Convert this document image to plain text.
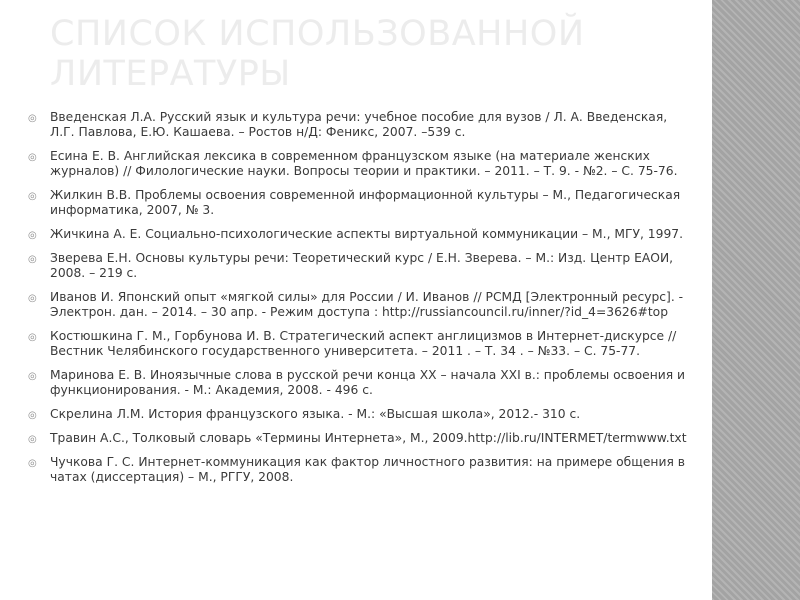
СПИСОК ИСПОЛЬЗОВАННОЙ ЛИТЕРАТУРЫ
◎ Введенская Л.А. Русский язык и культура речи: учебное пособие для вузов / Л. А. Введенская, Л.Г. Павлова, Е.Ю. Кашаева. – Ростов н/Д: Феникс, 2007. –539 с.
◎ Есина Е. В. Английская лексика в современном французском языке (на материале женских журналов) // Филологические науки. Вопросы теории и практики. – 2011. – Т. 9. - №2. – С. 75-76.
◎ Жилкин В.В. Проблемы освоения современной информационной культуры – М., Педагогическая информатика, 2007, № 3.
◎ Жичкина А. Е. Социально-психологические аспекты виртуальной коммуникации – М., МГУ, 1997.
◎ Зверева Е.Н. Основы культуры речи: Теоретический курс / Е.Н. Зверева. – М.: Изд. Центр ЕАОИ, 2008. – 219 с.
◎ Иванов И. Японский опыт «мягкой силы» для России / И. Иванов // РСМД [Электронный ресурс]. - Электрон. дан. – 2014. – 30 апр. - Режим доступа : http://russiancouncil.ru/inner/?id_4=3626#top
◎ Костюшкина Г. М., Горбунова И. В. Стратегический аспект англицизмов в Интернет-дискурсе // Вестник Челябинского государственного университета. – 2011 . – Т. 34 . – №33. – С. 75-77.
◎ Маринова Е. В. Иноязычные слова в русской речи конца XX – начала XXI в.: проблемы освоения и функционирования. - М.: Академия, 2008. - 496 с.
◎ Скрелина Л.М. История французского языка. - М.: «Высшая школа», 2012.- 310 с.
◎ Травин А.С., Толковый словарь «Термины Интернета», М., 2009.http://lib.ru/INTERMET/termwww.txt
◎ Чучкова Г. С. Интернет-коммуникация как фактор личностного развития: на примере общения в чатах (диссертация) – М., РГГУ, 2008.
